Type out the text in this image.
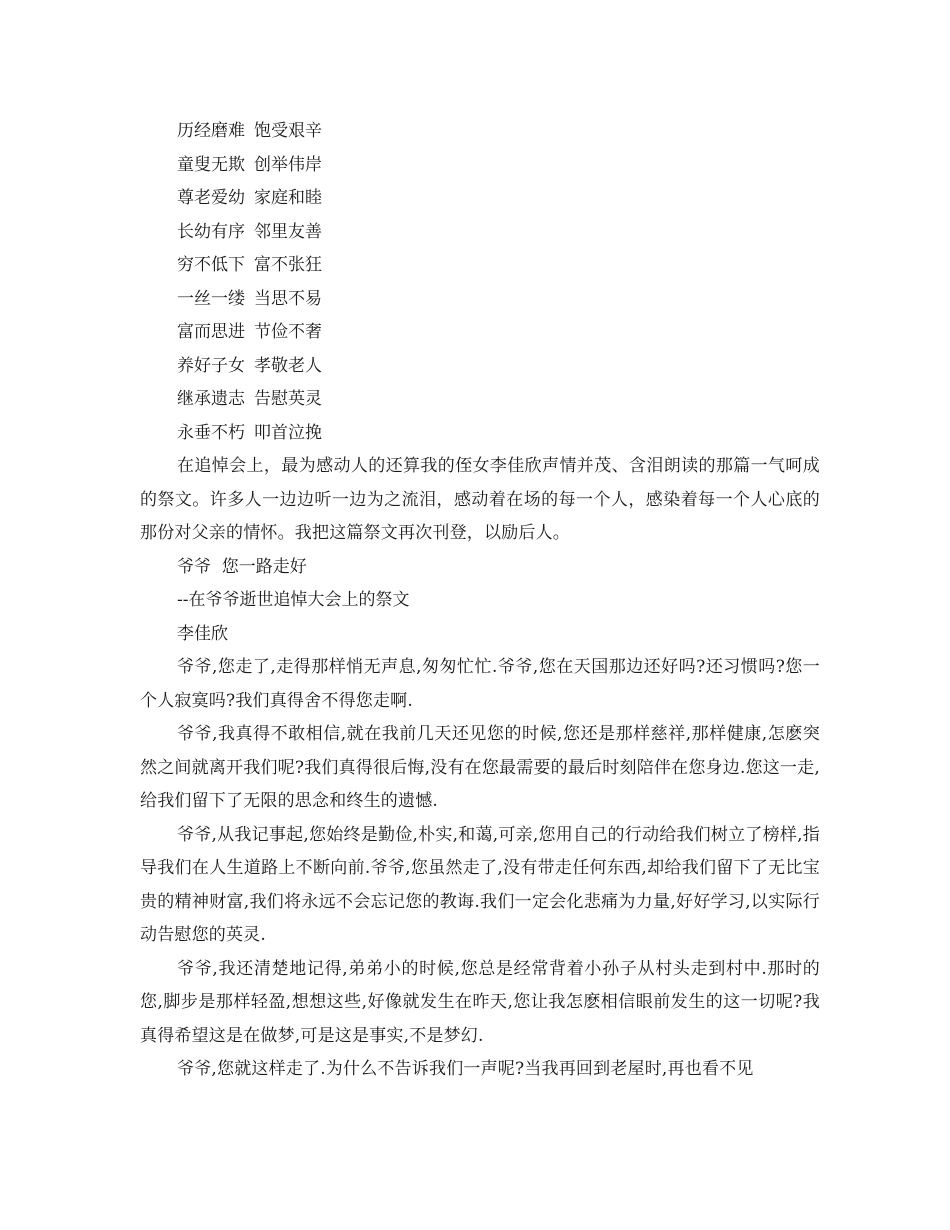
历经磨难 饱受艰辛

童叟无欺 创举伟岸

尊老爱幼 家庭和睦

长幼有序 邻里友善

穷不低下 富不张狂

一丝一缕 当思不易

富而思进 节俭不奢

养好子女 孝敬老人

继承遗志 告慰英灵

永垂不朽 叩首泣挽

在追悼会上，最为感动人的还算我的侄女李佳欣声情并茂、含泪朗读的那篇一气呵成的祭文。许多人一边边听一边为之流泪，感动着在场的每一个人，感染着每一个人心底的那份对父亲的情怀。我把这篇祭文再次刊登，以励后人。

爷爷  您一路走好

--在爷爷逝世追悼大会上的祭文

李佳欣

爷爷,您走了,走得那样悄无声息,匆匆忙忙.爷爷,您在天国那边还好吗?还习惯吗?您一个人寂寞吗?我们真得舍不得您走啊.

爷爷,我真得不敢相信,就在我前几天还见您的时候,您还是那样慈祥,那样健康,怎麽突然之间就离开我们呢?我们真得很后悔,没有在您最需要的最后时刻陪伴在您身边.您这一走,给我们留下了无限的思念和终生的遗憾.

爷爷,从我记事起,您始终是勤俭,朴实,和蔼,可亲,您用自己的行动给我们树立了榜样,指导我们在人生道路上不断向前.爷爷,您虽然走了,没有带走任何东西,却给我们留下了无比宝贵的精神财富,我们将永远不会忘记您的教诲.我们一定会化悲痛为力量,好好学习,以实际行动告慰您的英灵.

爷爷,我还清楚地记得,弟弟小的时候,您总是经常背着小孙子从村头走到村中.那时的您,脚步是那样轻盈,想想这些,好像就发生在昨天,您让我怎麽相信眼前发生的这一切呢?我真得希望这是在做梦,可是这是事实,不是梦幻.

爷爷,您就这样走了.为什么不告诉我们一声呢?当我再回到老屋时,再也看不见
